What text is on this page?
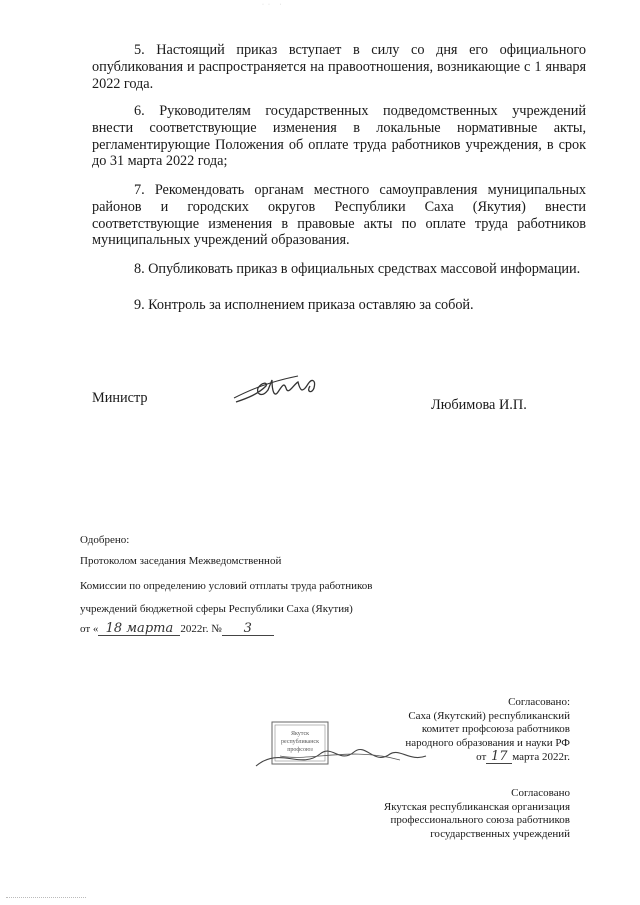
·· ·

5. Настоящий приказ вступает в силу со дня его официального опубликования и распространяется на правоотношения, возникающие с 1 января 2022 года.

6. Руководителям государственных подведомственных учреждений внести соответствующие изменения в локальные нормативные акты, регламентирующие Положения об оплате труда работников учреждения, в срок до 31 марта 2022 года;

7. Рекомендовать органам местного самоуправления муниципальных районов и городских округов Республики Саха (Якутия) внести соответствующие изменения в правовые акты по оплате труда работников муниципальных учреждений образования.

8. Опубликовать приказ в официальных средствах массовой информации.

9. Контроль за исполнением приказа оставляю за собой.

Министр	Любимова И.П.
Одобрено:
Протоколом заседания Межведомственной
Комиссии по определению условий отплаты труда работников
учреждений бюджетной сферы Республики Саха (Якутия)
от « 18 марта 2022г. №	3
Якутск республиканск профсоюз
Согласовано:
Саха (Якутский) республиканский
комитет профсоюза работников
народного образования и науки РФ
от 17 марта 2022г.
Согласовано
Якутская республиканская организация
профессионального союза работников
государственных учреждений
